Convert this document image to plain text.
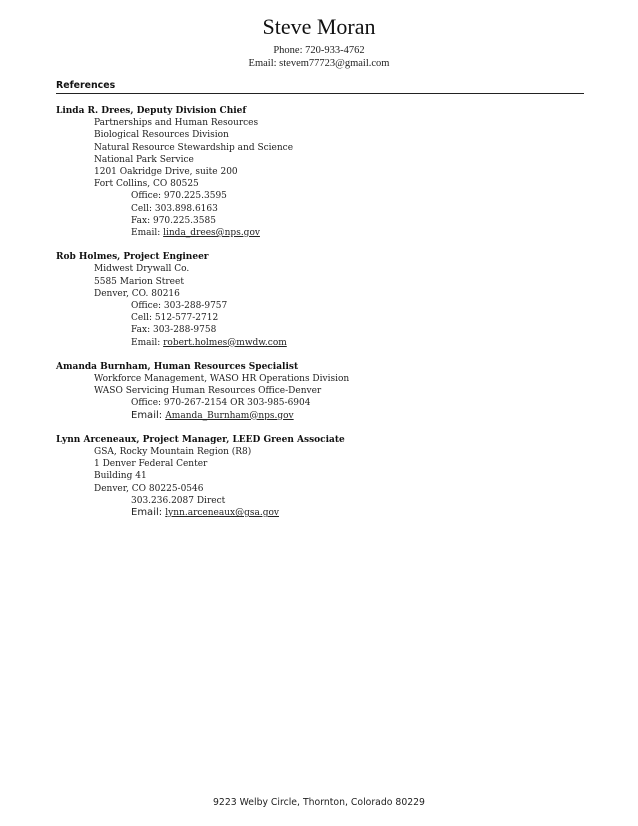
Steve Moran
Phone: 720-933-4762
Email: stevem77723@gmail.com
References
Linda R. Drees, Deputy Division Chief
Partnerships and Human Resources
Biological Resources Division
Natural Resource Stewardship and Science
National Park Service
1201 Oakridge Drive, suite 200
Fort Collins, CO 80525
Office: 970.225.3595
Cell: 303.898.6163
Fax: 970.225.3585
Email: linda_drees@nps.gov
Rob Holmes, Project Engineer
Midwest Drywall Co.
5585 Marion Street
Denver, CO. 80216
Office: 303-288-9757
Cell: 512-577-2712
Fax: 303-288-9758
Email: robert.holmes@mwdw.com
Amanda Burnham, Human Resources Specialist
Workforce Management, WASO HR Operations Division
WASO Servicing Human Resources Office-Denver
Office: 970-267-2154 OR 303-985-6904
Email: Amanda_Burnham@nps.gov
Lynn Arceneaux, Project Manager, LEED Green Associate
GSA, Rocky Mountain Region (R8)
1 Denver Federal Center
Building 41
Denver, CO 80225-0546
303.236.2087 Direct
Email: lynn.arceneaux@gsa.gov
9223 Welby Circle, Thornton, Colorado 80229
